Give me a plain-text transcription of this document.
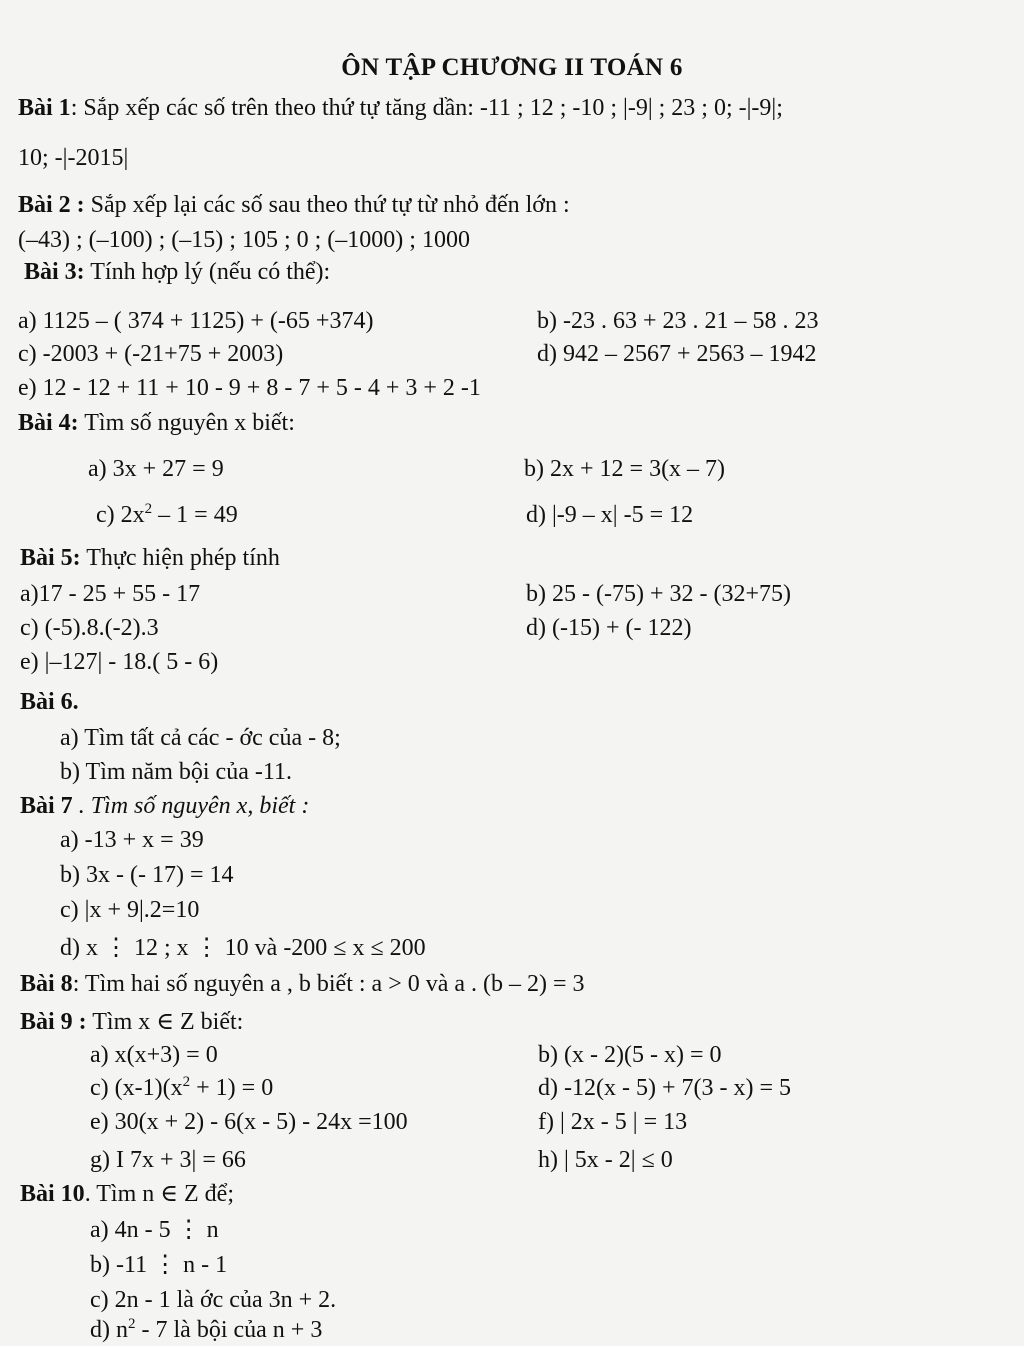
ÔN TẬP CHƯƠNG II TOÁN 6
Bài 1: Sắp xếp các số trên theo thứ tự tăng dần: -11 ; 12 ; -10 ; |-9| ; 23 ; 0; -|-9|;
10; -|-2015|
Bài 2 : Sắp xếp lại các số sau theo thứ tự từ nhỏ đến lớn :
(–43) ; (–100) ; (–15) ; 105 ; 0 ; (–1000) ; 1000
Bài 3: Tính hợp lý (nếu có thể):
a) 1125 – ( 374 + 1125) + (-65 +374)	b) -23 . 63 + 23 . 21 – 58 . 23
c) -2003 + (-21+75 + 2003)	d) 942 – 2567 + 2563 – 1942
e) 12 - 12 + 11 + 10 - 9 + 8 - 7 + 5 - 4 + 3 + 2 -1
Bài 4: Tìm số nguyên x biết:
a) 3x + 27 = 9	b) 2x + 12 = 3(x – 7)
c) $2x^2 - 1 = 49$	d) |-9 – x| -5 = 12
Bài 5: Thực hiện phép tính
a)17 - 25 + 55 - 17	b) 25 - (-75) + 32 - (32+75)
c) (-5).8.(-2).3	d) (-15) + (- 122)
e) |–127| - 18.( 5 - 6)
Bài 6.
a) Tìm tất cả các - ớc của - 8;
b) Tìm năm bội của -11.
Bài 7 . Tìm số nguyên x, biết :
a) -13 + x = 39
b) 3x - (- 17) = 14
c) |x + 9|.2=10
d) x ⋮ 12 ; x ⋮ 10 và -200 ≤ x ≤ 200
Bài 8: Tìm hai số nguyên a , b biết : a > 0 và a . (b – 2) = 3
Bài 9 : Tìm x ∈ Z biết:
a) x(x+3) = 0	b) (x - 2)(5 - x) = 0
c) $(x-1)(x^2 + 1) = 0$	d) -12(x - 5) + 7(3 - x) = 5
e) 30(x + 2) - 6(x - 5) - 24x =100	f) | 2x - 5 | = 13
g) I 7x + 3| = 66	h) | 5x - 2| ≤ 0
Bài 10. Tìm n ∈ Z để;
a) 4n - 5 ⋮ n
b) -11 ⋮ n - 1
c) 2n - 1 là ớc của 3n + 2.
d) $n^2 - 7$ là bội của n + 3
